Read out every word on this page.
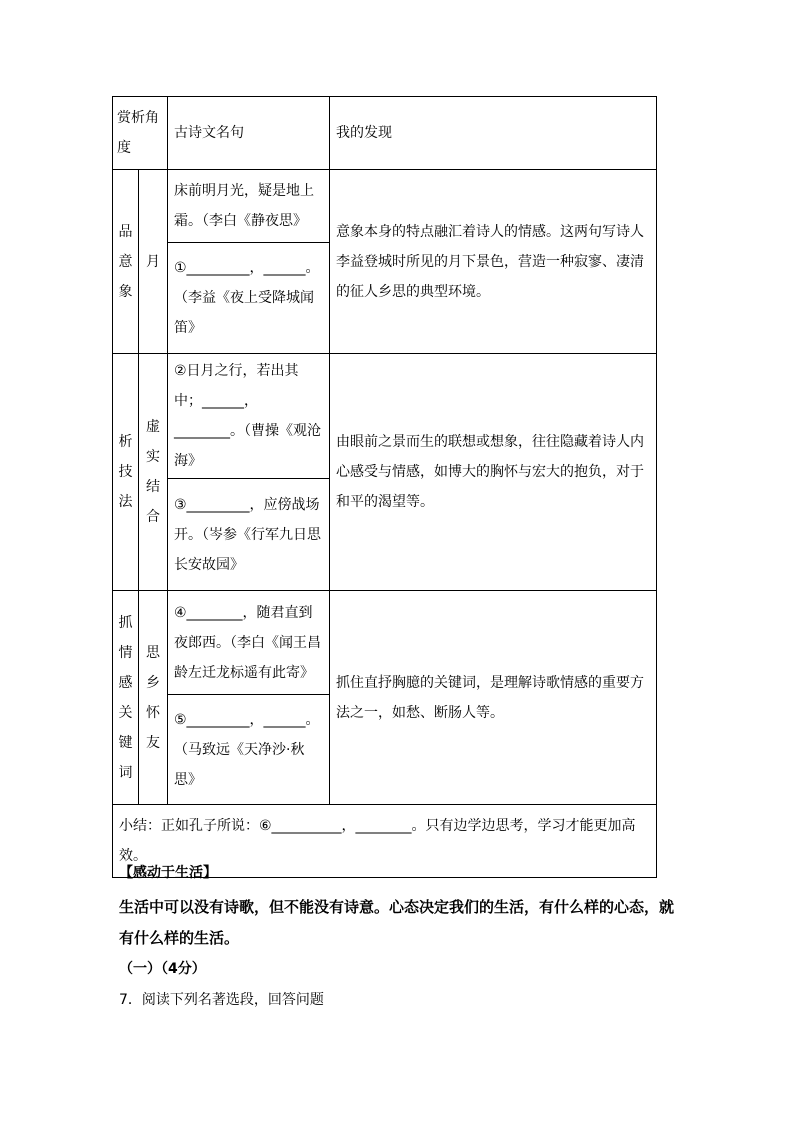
赏析角度		古诗文名句	我的发现

品意象	月	床前明月光，疑是地上霜。（李白《静夜思》	意象本身的特点融汇着诗人的情感。这两句写诗人李益登城时所见的月下景色，营造一种寂寥、凄清的征人乡思的典型环境。
		①_________，______。（李益《夜上受降城闻笛》	

析技法	虚实结合	②日月之行，若出其中；______，________。（曹操《观沧海》	由眼前之景而生的联想或想象，往往隐藏着诗人内心感受与情感，如博大的胸怀与宏大的抱负，对于和平的渴望等。
		③_________，应傍战场开。（岑参《行军九日思长安故园》	

抓情感关键词	思乡怀友	④________，随君直到夜郎西。（李白《闻王昌龄左迁龙标遥有此寄》	抓住直抒胸臆的关键词，是理解诗歌情感的重要方法之一，如愁、断肠人等。
		⑤_________，______。（马致远《天净沙·秋思》	
小结：正如孔子所说：⑥__________，________。只有边学边思考，学习才能更加高效。			
【感动于生活】
生活中可以没有诗歌，但不能没有诗意。心态决定我们的生活，有什么样的心态，就有什么样的生活。
（一）（4分）
7．阅读下列名著选段，回答问题
